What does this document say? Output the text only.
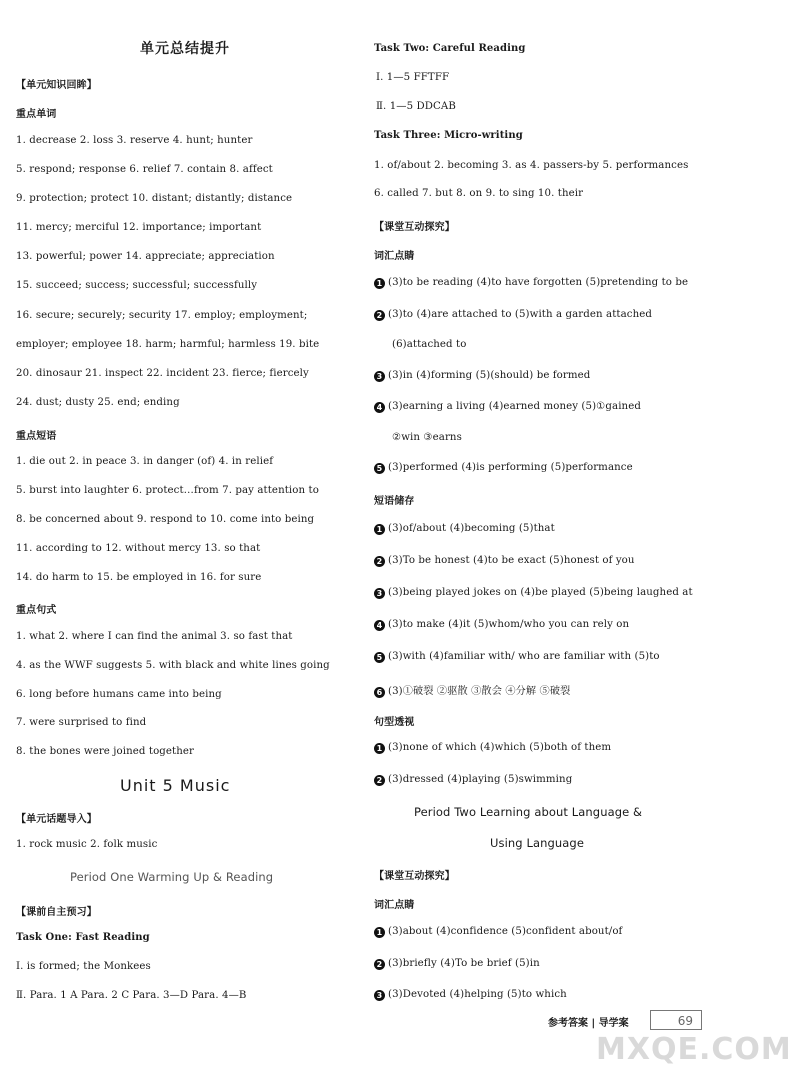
单元总结提升
【单元知识回眸】
重点单词
1. decrease 2. loss 3. reserve 4. hunt; hunter
5. respond; response 6. relief 7. contain 8. affect
9. protection; protect 10. distant; distantly; distance
11. mercy; merciful 12. importance; important
13. powerful; power 14. appreciate; appreciation
15. succeed; success; successful; successfully
16. secure; securely; security 17. employ; employment;
employer; employee 18. harm; harmful; harmless 19. bite
20. dinosaur 21. inspect 22. incident 23. fierce; fiercely
24. dust; dusty 25. end; ending
重点短语
1. die out 2. in peace 3. in danger (of) 4. in relief
5. burst into laughter 6. protect…from 7. pay attention to
8. be concerned about 9. respond to 10. come into being
11. according to 12. without mercy 13. so that
14. do harm to 15. be employed in 16. for sure
重点句式
1. what 2. where I can find the animal 3. so fast that
4. as the WWF suggests 5. with black and white lines going
6. long before humans came into being
7. were surprised to find
8. the bones were joined together
Unit 5 Music
【单元话题导入】
1. rock music 2. folk music
Period One Warming Up & Reading
【课前自主预习】
Task One: Fast Reading
Ⅰ. is formed; the Monkees
Ⅱ. Para. 1 A Para. 2 C Para. 3—D Para. 4—B
Task Two: Careful Reading
Ⅰ. 1—5 FFTFF
Ⅱ. 1—5 DDCAB
Task Three: Micro-writing
1. of/about 2. becoming 3. as 4. passers-by 5. performances
6. called 7. but 8. on 9. to sing 10. their
【课堂互动探究】
词汇点睛
1 (3)to be reading (4)to have forgotten (5)pretending to be
2 (3)to (4)are attached to (5)with a garden attached
(6)attached to
3 (3)in (4)forming (5)(should) be formed
4 (3)earning a living (4)earned money (5)①gained
②win ③earns
5 (3)performed (4)is performing (5)performance
短语储存
1 (3)of/about (4)becoming (5)that
2 (3)To be honest (4)to be exact (5)honest of you
3 (3)being played jokes on (4)be played (5)being laughed at
4 (3)to make (4)it (5)whom/who you can rely on
5 (3)with (4)familiar with/ who are familiar with (5)to
6 (3)①破裂 ②驱散 ③散会 ④分解 ⑤破裂
句型透视
1 (3)none of which (4)which (5)both of them
2 (3)dressed (4)playing (5)swimming
Period Two Learning about Language &
Using Language
【课堂互动探究】
词汇点睛
1 (3)about (4)confidence (5)confident about/of
2 (3)briefly (4)To be brief (5)in
3 (3)Devoted (4)helping (5)to which
参考答案 | 导学案	69
MXQE.COM
